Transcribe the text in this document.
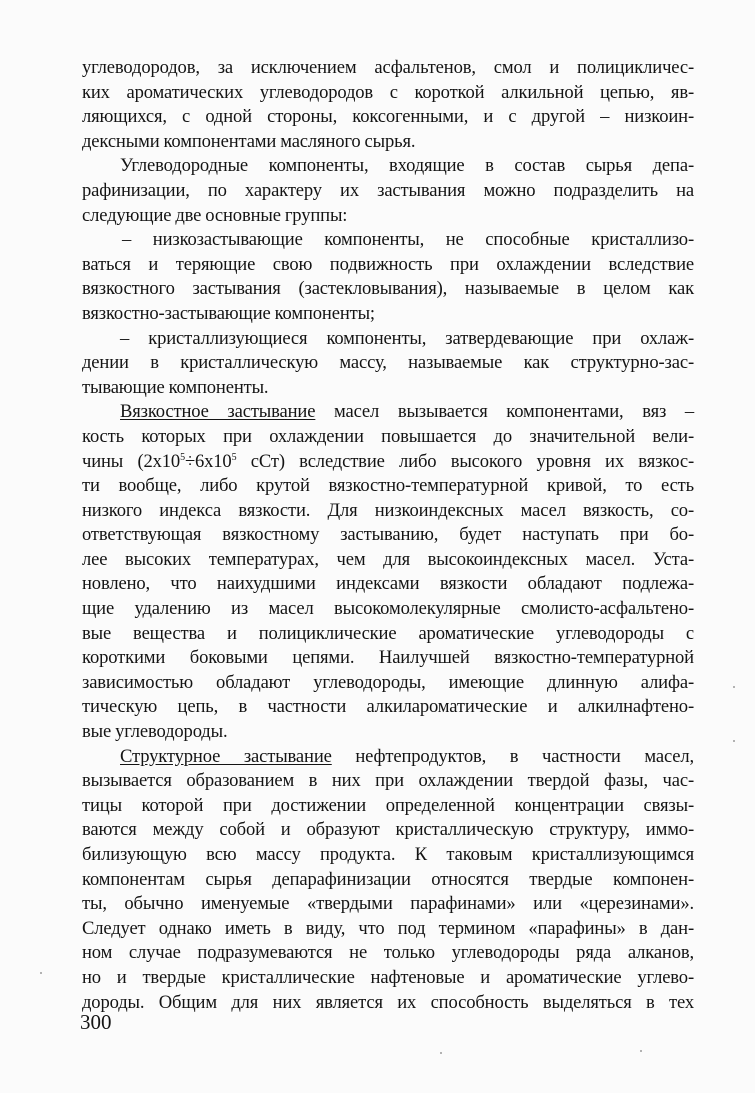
углеводородов, за исключением асфальтенов, смол и полицикличес-
ких ароматических углеводородов с короткой алкильной цепью, яв-
ляющихся, с одной стороны, коксогенными, и с другой – низкоин-
дексными компонентами масляного сырья.
Углеводородные компоненты, входящие в состав сырья депа-
рафинизации, по характеру их застывания можно подразделить на
следующие две основные группы:
– низкозастывающие компоненты, не способные кристаллизо-
ваться и теряющие свою подвижность при охлаждении вследствие
вязкостного застывания (застекловывания), называемые в целом как
вязкостно-застывающие компоненты;
– кристаллизующиеся компоненты, затвердевающие при охлаж-
дении в кристаллическую массу, называемые как структурно-зас-
тывающие компоненты.
Вязкостное застывание масел вызывается компонентами, вяз –
кость которых при охлаждении повышается до значительной вели-
чины ($2х10^5\div 6х10^5$ сСт) вследствие либо высокого уровня их вязкос-
ти вообще, либо крутой вязкостно-температурной кривой, то есть
низкого индекса вязкости. Для низкоиндексных масел вязкость, со-
ответствующая вязкостному застыванию, будет наступать при бо-
лее высоких температурах, чем для высокоиндексных масел. Уста-
новлено, что наихудшими индексами вязкости обладают подлежа-
щие удалению из масел высокомолекулярные смолисто-асфальтено-
вые вещества и полициклические ароматические углеводороды с
короткими боковыми цепями. Наилучшей вязкостно-температурной
зависимостью обладают углеводороды, имеющие длинную алифа-
тическую цепь, в частности алкилароматические и алкилнафтено-
вые углеводороды.
Структурное застывание нефтепродуктов, в частности масел,
вызывается образованием в них при охлаждении твердой фазы, час-
тицы которой при достижении определенной концентрации связы-
ваются между собой и образуют кристаллическую структуру, иммо-
билизующую всю массу продукта. К таковым кристаллизующимся
компонентам сырья депарафинизации относятся твердые компонен-
ты, обычно именуемые «твердыми парафинами» или «церезинами».
Следует однако иметь в виду, что под термином «парафины» в дан-
ном случае подразумеваются не только углеводороды ряда алканов,
но и твердые кристаллические нафтеновые и ароматические углево-
дороды. Общим для них является их способность выделяться в тех
300
